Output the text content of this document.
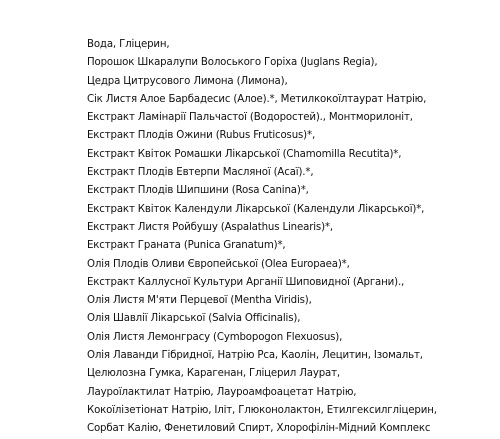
Вода, Гліцерин,
Порошок Шкаралупи Волоського Горіха (Juglans Regia),
Цедра Цитрусового Лимона (Лимона),
Сік Листя Алое Барбадесис (Алое).*, Метилкокоїлтаурат Натрію,
Екстракт Ламінарії Пальчастої (Водоростей)., Монтморилоніт,
Екстракт Плодів Ожини (Rubus Fruticosus)*,
Екстракт Квіток Ромашки Лікарської (Chamomilla Recutita)*,
Екстракт Плодів Евтерпи Масляної (Асаї).*,
Екстракт Плодів Шипшини (Rosa Canina)*,
Екстракт Квіток Календули Лікарської (Календули Лікарської)*,
Екстракт Листя Ройбушу (Aspalathus Linearis)*,
Екстракт Граната (Punica Granatum)*,
Олія Плодів Оливи Європейської (Olea Europaea)*,
Екстракт Каллусної Культури Арганії Шиповидної (Аргани).,
Олія Листя М'яти Перцевої (Mentha Viridis),
Олія Шавлії Лікарської (Salvia Officinalis),
Олія Листя Лемонграсу (Cymbopogon Flexuosus),
Олія Лаванди Гібридної, Натрію Рса, Каолін, Лецитин, Ізомальт,
Целюлозна Гумка, Карагенан, Гліцерил Лаурат,
Лауроїлактилат Натрію, Лаурoамфоацетат Натрію,
Кокоїлізетіонат Натрію, Ілiт, Глюконолактон, Етилгексилгліцерин,
Сорбат Калію, Фенетиловий Спирт, Хлорофілін-Мідний Комплекс
